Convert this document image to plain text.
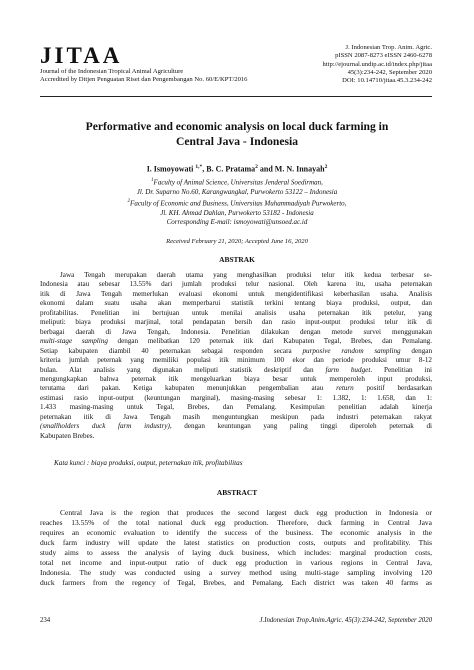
JITAA
Journal of the Indonesian Tropical Animal Agriculture
Accredited by Ditjen Penguatan Riset dan Pengembangan No. 60/E/KPT/2016
J. Indonesian Trop. Anim. Agric.
pISSN 2087-8273 eISSN 2460-6278
http://ejournal.undip.ac.id/index.php/jitaa
45(3):234-242, September 2020
DOI: 10.14710/jitaa.45.3.234-242
Performative and economic analysis on local duck farming in
Central Java - Indonesia
I. Ismoyowati $^{1,*}$, B. C. Pratama$^2$ and M. N. Innayah$^2$
$^1$Faculty of Animal Science, Universitas Jenderal Soedirman,
Jl. Dr. Suparno No.60, Karangwangkal, Purwokerto 53122 – Indonesia
$^2$Faculty of Economic and Business, Universitas Muhammadiyah Purwokerto,
Jl. KH. Ahmad Dahlan, Purwokerto 53182 - Indonesia
Corresponding E-mail: ismoyowati@unsoed.ac.id
Received February 21, 2020; Accepted June 16, 2020
ABSTRAK
Jawa Tengah merupakan daerah utama yang menghasilkan produksi telur itik kedua terbesar se-
Indonesia atau sebesar 13.55% dari jumlah produksi telur nasional. Oleh karena itu, usaha peternakan
itik di Jawa Tengah memerlukan evaluasi ekonomi untuk mengidentifikasi keberhasilan usaha. Analisis
ekonomi dalam suatu usaha akan memperbarui statistik terkini tentang biaya produksi, output, dan
profitabilitas. Penelitian ini bertujuan untuk menilai analisis usaha peternakan itik petelur, yang
meliputi: biaya produksi marjinal, total pendapatan bersih dan rasio input-output produksi telur itik di
berbagai daerah di Jawa Tengah, Indonesia. Penelitian dilakukan dengan metode survei menggunakan
multi-stage sampling dengan melibatkan 120 peternak itik dari Kabupaten Tegal, Brebes, dan Pemalang.
Setiap kabupaten diambil 40 peternakan sebagai responden secara purposive random sampling dengan
kriteria jumlah peternak yang memiliki populasi itik minimum 100 ekor dan periode produksi umur 8-12
bulan. Alat analisis yang digunakan meliputi statistik deskriptif dan farm budget. Penelitian ini
mengungkapkan bahwa peternak itik mengeluarkan biaya besar untuk memperoleh input produksi,
terutama dari pakan. Ketiga kabupaten menunjukkan pengembalian atau return positif berdasarkan
estimasi rasio input-output (keuntungan marginal), masing-masing sebesar 1: 1.382, 1: 1.658, dan 1:
1.433 masing-masing untuk Tegal, Brebes, dan Pemalang. Kesimpulan penelitian adalah kinerja
peternakan itik di Jawa Tengah masih menguntungkan meskipun pada industri peternakan rakyat
(smallholders duck farm industry), dengan keuntungan yang paling tinggi diperoleh peternak di
Kabupaten Brebes.
Kata kunci : biaya produksi, output, peternakan itik, profitabilitas
ABSTRACT
Central Java is the region that produces the second largest duck egg production in Indonesia or
reaches 13.55% of the total national duck egg production. Therefore, duck farming in Central Java
requires an economic evaluation to identify the success of the business. The economic analysis in the
duck farm industry will update the latest statistics on production costs, outputs and profitability. This
study aims to assess the analysis of laying duck business, which includes: marginal production costs,
total net income and input-output ratio of duck egg production in various regions in Central Java,
Indonesia. The study was conducted using a survey method using multi-stage sampling involving 120
duck farmers from the regency of Tegal, Brebes, and Pemalang. Each district was taken 40 farms as
234	J.Indonesian Trop.Anim.Agric. 45(3):234-242, September 2020
